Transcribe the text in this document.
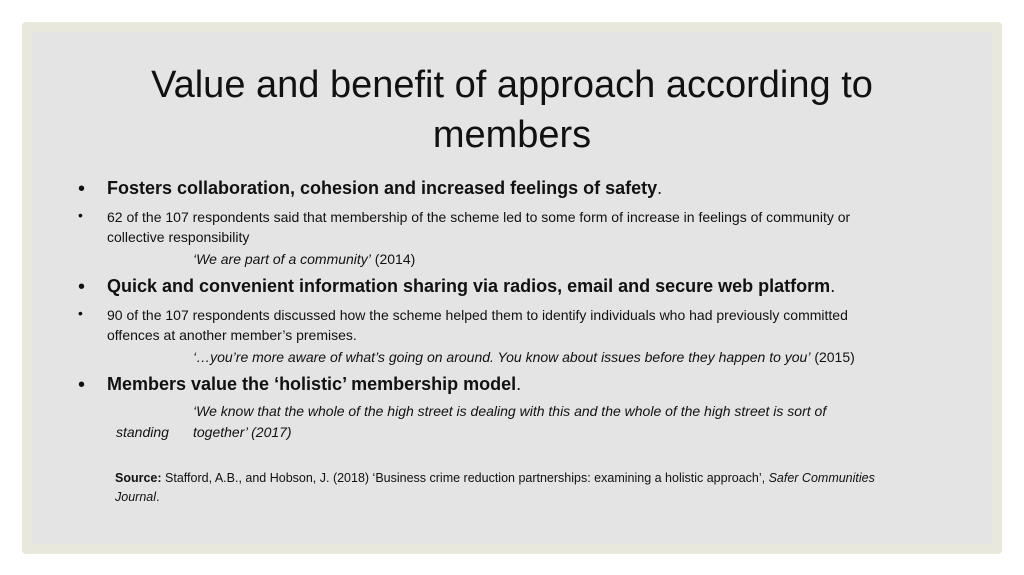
Value and benefit of approach according to
members
• Fosters collaboration, cohesion and increased feelings of safety.
• 62 of the 107 respondents said that membership of the scheme led to some form of increase in feelings of community or
collective responsibility
‘We are part of a community’ (2014)
• Quick and convenient information sharing via radios, email and secure web platform.
• 90 of the 107 respondents discussed how the scheme helped them to identify individuals who had previously committed
offences at another member’s premises.
‘…you’re more aware of what’s going on around. You know about issues before they happen to you’ (2015)
• Members value the ‘holistic’ membership model.
‘We know that the whole of the high street is dealing with this and the whole of the high street is sort of
standing together’ (2017)
Source: Stafford, A.B., and Hobson, J. (2018) ‘Business crime reduction partnerships: examining a holistic approach’, Safer Communities
Journal.
